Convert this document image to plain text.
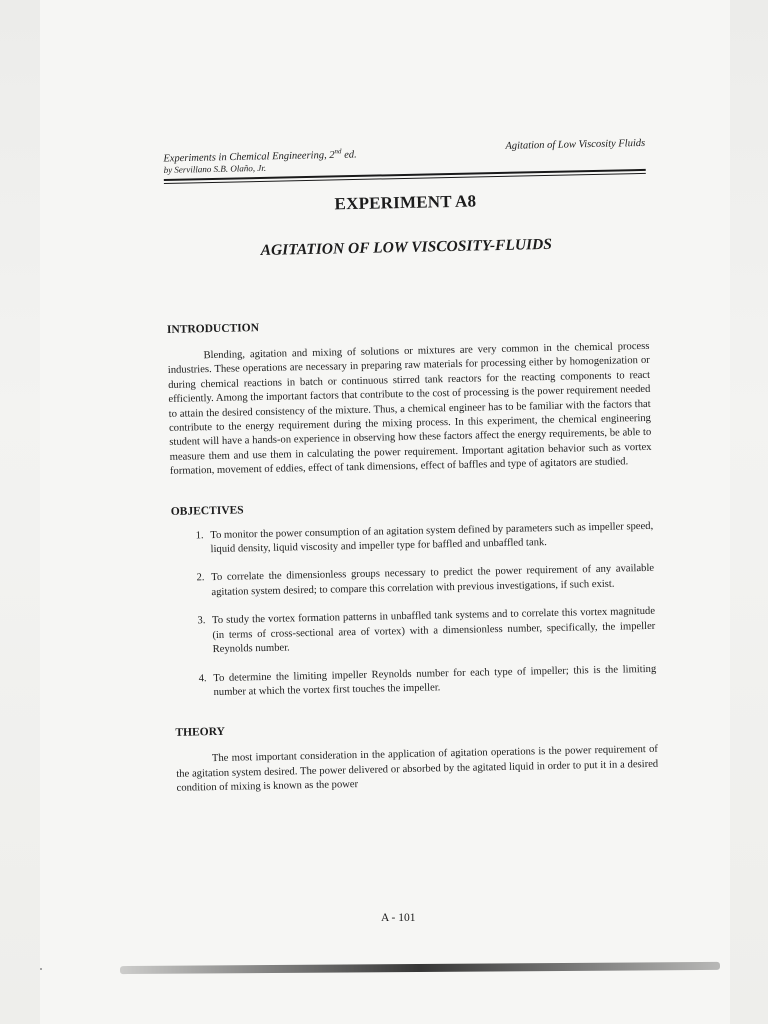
Experiments in Chemical Engineering, 2nd ed.
by Servillano S.B. Olaño, Jr.
Agitation of Low Viscosity Fluids
EXPERIMENT A8
AGITATION OF LOW VISCOSITY-FLUIDS
INTRODUCTION

Blending, agitation and mixing of solutions or mixtures are very common in the chemical process industries. These operations are necessary in preparing raw materials for processing either by homogenization or during chemical reactions in batch or continuous stirred tank reactors for the reacting components to react efficiently. Among the important factors that contribute to the cost of processing is the power requirement needed to attain the desired consistency of the mixture. Thus, a chemical engineer has to be familiar with the factors that contribute to the energy requirement during the mixing process. In this experiment, the chemical engineering student will have a hands-on experience in observing how these factors affect the energy requirements, be able to measure them and use them in calculating the power requirement. Important agitation behavior such as vortex formation, movement of eddies, effect of tank dimensions, effect of baffles and type of agitators are studied.

OBJECTIVES
1. To monitor the power consumption of an agitation system defined by parameters such as impeller speed, liquid density, liquid viscosity and impeller type for baffled and unbaffled tank.
2. To correlate the dimensionless groups necessary to predict the power requirement of any available agitation system desired; to compare this correlation with previous investigations, if such exist.
3. To study the vortex formation patterns in unbaffled tank systems and to correlate this vortex magnitude (in terms of cross-sectional area of vortex) with a dimensionless number, specifically, the impeller Reynolds number.
4. To determine the limiting impeller Reynolds number for each type of impeller; this is the limiting number at which the vortex first touches the impeller.
THEORY

The most important consideration in the application of agitation operations is the power requirement of the agitation system desired. The power delivered or absorbed by the agitated liquid in order to put it in a desired condition of mixing is known as the power

A - 101
